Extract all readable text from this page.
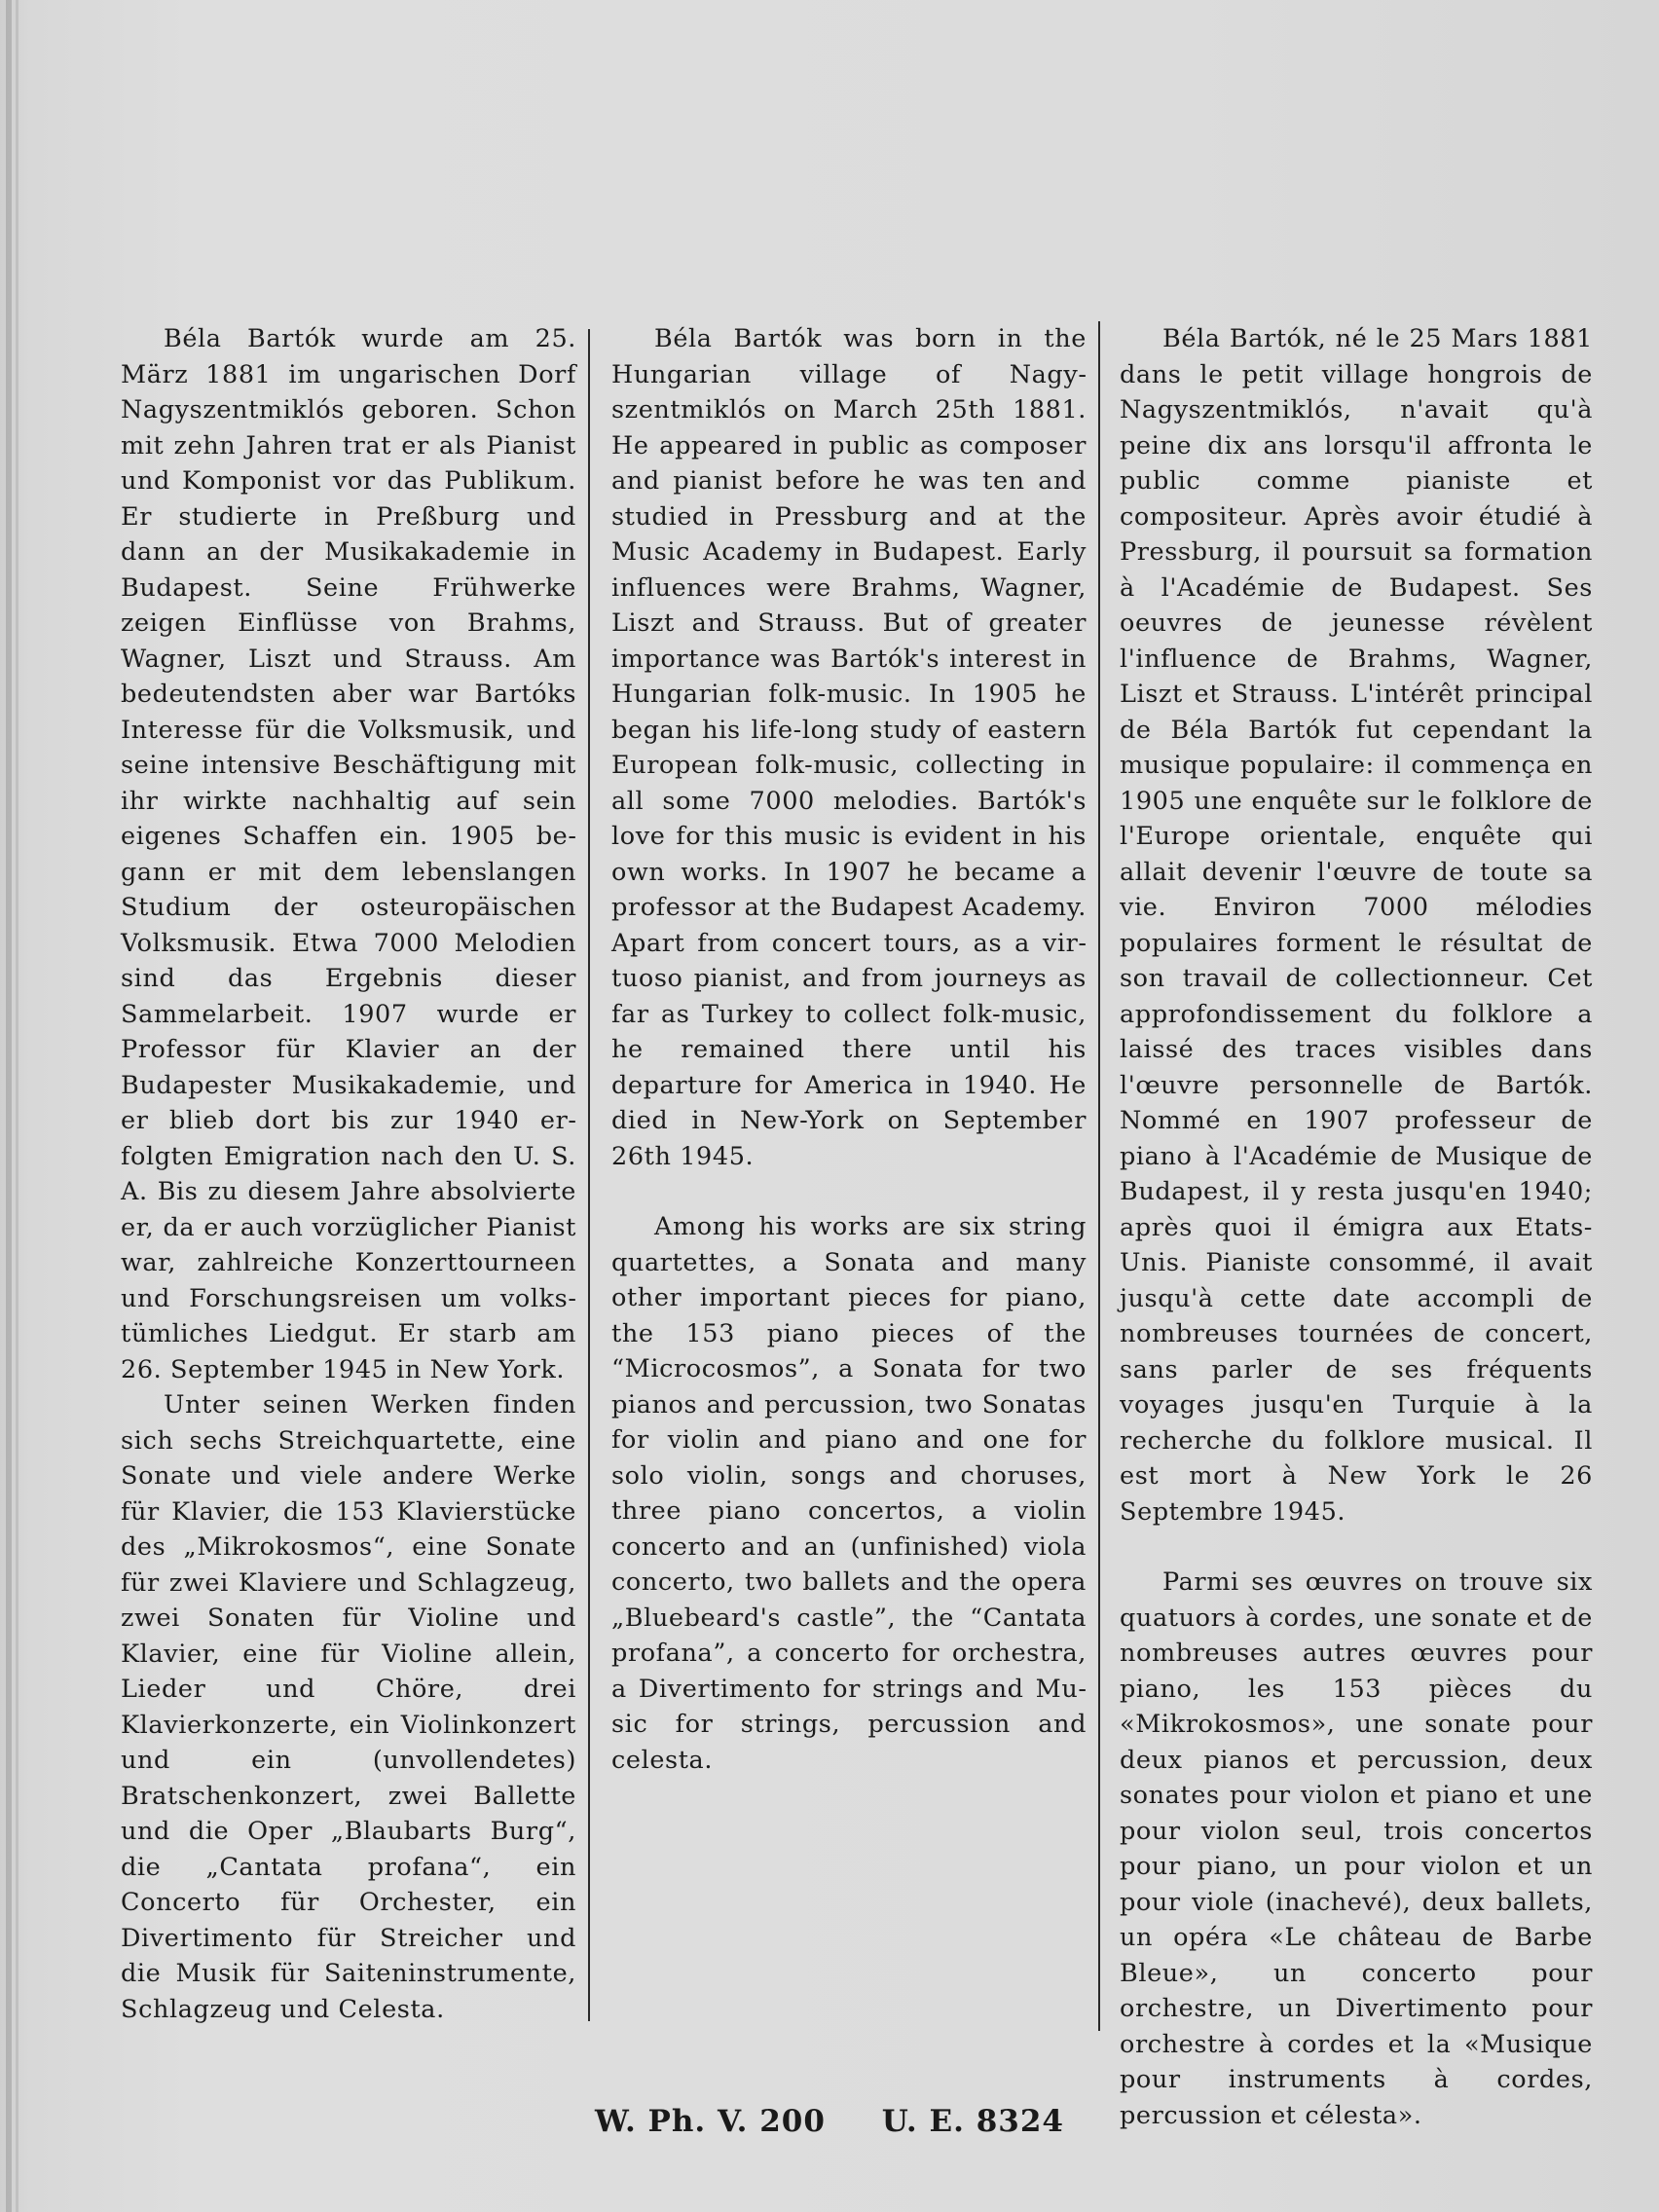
Béla Bartók wurde am 25. März 1881 im ungarischen Dorf Nagyszentmiklós geboren. Schon mit zehn Jahren trat er als Pianist und Komponist vor das Publikum. Er studierte in Preßburg und dann an der Musikakademie in Budapest. Seine Frühwerke zeigen Einflüsse von Brahms, Wagner, Liszt und Strauss. Am bedeutendsten aber war Bartóks Interesse für die Volksmusik, und seine intensive Beschäftigung mit ihr wirkte nachhaltig auf sein eigenes Schaffen ein. 1905 begann er mit dem lebenslangen Studium der osteuropäischen Volksmusik. Etwa 7000 Melodien sind das Ergebnis dieser Sammelarbeit. 1907 wurde er Professor für Klavier an der Budapester Musikakademie, und er blieb dort bis zur 1940 erfolgten Emigration nach den U. S. A. Bis zu diesem Jahre absolvierte er, da er auch vorzüglicher Pianist war, zahlreiche Konzerttourneen und Forschungsreisen um volkstümliches Liedgut. Er starb am 26. September 1945 in New York.

Unter seinen Werken finden sich sechs Streichquartette, eine Sonate und viele andere Werke für Klavier, die 153 Klavierstücke des „Mikrokosmos“, eine Sonate für zwei Klaviere und Schlagzeug, zwei Sonaten für Violine und Klavier, eine für Violine allein, Lieder und Chöre, drei Klavierkonzerte, ein Violinkonzert und ein (unvollendetes) Bratschenkonzert, zwei Ballette und die Oper „Blaubarts Burg“, die „Cantata profana“, ein Concerto für Orchester, ein Divertimento für Streicher und die Musik für Saiteninstrumente, Schlagzeug und Celesta.

Béla Bartók was born in the Hungarian village of Nagyszentmiklós on March 25th 1881. He appeared in public as composer and pianist before he was ten and studied in Pressburg and at the Music Academy in Budapest. Early influences were Brahms, Wagner, Liszt and Strauss. But of greater importance was Bartók's interest in Hungarian folk-music. In 1905 he began his life-long study of eastern European folk-music, collecting in all some 7000 melodies. Bartók's love for this music is evident in his own works. In 1907 he became a professor at the Budapest Academy. Apart from concert tours, as a virtuoso pianist, and from journeys as far as Turkey to collect folk-music, he remained there until his departure for America in 1940. He died in New-York on September 26th 1945.

Among his works are six string quartettes, a Sonata and many other important pieces for piano, the 153 piano pieces of the “Microcosmos”, a Sonata for two pianos and percussion, two Sonatas for violin and piano and one for solo violin, songs and choruses, three piano concertos, a violin concerto and an (unfinished) viola concerto, two ballets and the opera „Bluebeard's castle”, the “Cantata profana”, a concerto for orchestra, a Divertimento for strings and Music for strings, percussion and celesta.

Béla Bartók, né le 25 Mars 1881 dans le petit village hongrois de Nagyszentmiklós, n'avait qu'à peine dix ans lorsqu'il affronta le public comme pianiste et compositeur. Après avoir étudié à Pressburg, il poursuit sa formation à l'Académie de Budapest. Ses oeuvres de jeunesse révèlent l'influence de Brahms, Wagner, Liszt et Strauss. L'intérêt principal de Béla Bartók fut cependant la musique populaire: il commença en 1905 une enquête sur le folklore de l'Europe orientale, enquête qui allait devenir l'œuvre de toute sa vie. Environ 7000 mélodies populaires forment le résultat de son travail de collectionneur. Cet approfondissement du folklore a laissé des traces visibles dans l'œuvre personnelle de Bartók. Nommé en 1907 professeur de piano à l'Académie de Musique de Budapest, il y resta jusqu'en 1940; après quoi il émigra aux Etats-Unis. Pianiste consommé, il avait jusqu'à cette date accompli de nombreuses tournées de concert, sans parler de ses fréquents voyages jusqu'en Turquie à la recherche du folklore musical. Il est mort à New York le 26 Septembre 1945.

Parmi ses œuvres on trouve six quatuors à cordes, une sonate et de nombreuses autres œuvres pour piano, les 153 pièces du «Mikrokosmos», une sonate pour deux pianos et percussion, deux sonates pour violon et piano et une pour violon seul, trois concertos pour piano, un pour violon et un pour viole (inachevé), deux ballets, un opéra «Le château de Barbe Bleue», un concerto pour orchestre, un Divertimento pour orchestre à cordes et la «Musique pour instruments à cordes, percussion et célesta».

W. Ph. V. 200 U. E. 8324
